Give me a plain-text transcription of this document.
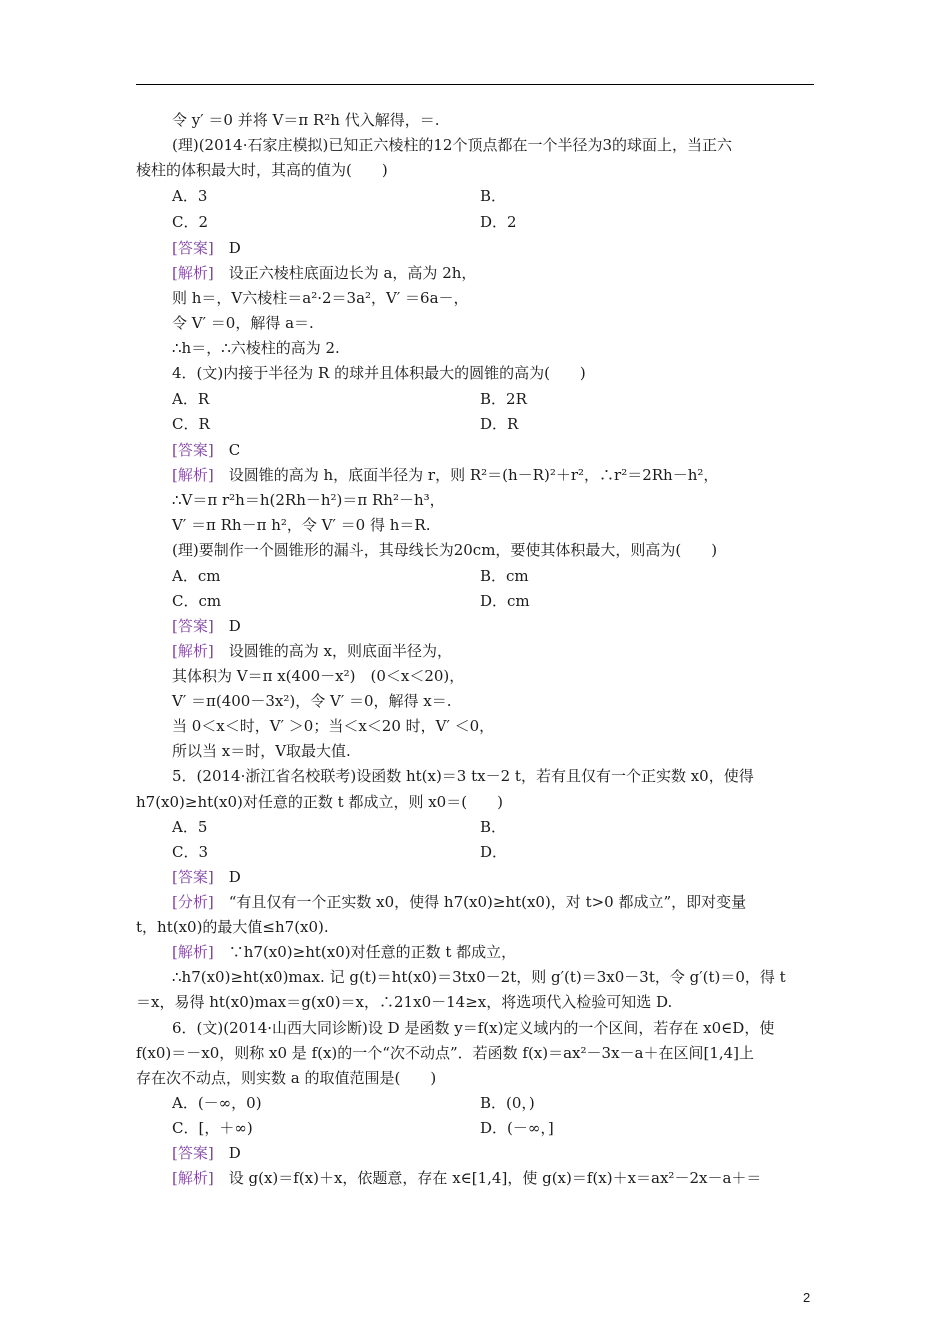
令 y′ ＝0 并将 V＝π R²h 代入解得，＝.
(理)(2014·石家庄模拟)已知正六棱柱的12个顶点都在一个半径为3的球面上，当正六
棱柱的体积最大时，其高的值为(　　)
A．3	B．
C．2	D．2
[答案]　D
[解析]　设正六棱柱底面边长为 a，高为 2h，
则 h＝，V六棱柱＝a²·2＝3a²，V′ ＝6a－，
令 V′ ＝0，解得 a＝.
∴h＝，∴六棱柱的高为 2.
4．(文)内接于半径为 R 的球并且体积最大的圆锥的高为(　　)
A．R	B．2R
C．R	D．R
[答案]　C
[解析]　设圆锥的高为 h，底面半径为 r，则 R²＝(h－R)²＋r²，∴r²＝2Rh－h²，
∴V＝π r²h＝h(2Rh－h²)＝π Rh²－h³，
V′ ＝π Rh－π h²，令 V′ ＝0 得 h＝R.
(理)要制作一个圆锥形的漏斗，其母线长为20cm，要使其体积最大，则高为(　　)
A．cm	B．cm
C．cm	D．cm
[答案]　D
[解析]　设圆锥的高为 x，则底面半径为，
其体积为 V＝π x(400－x²)　(0＜x＜20)，
V′ ＝π(400－3x²)，令 V′ ＝0，解得 x＝.
当 0＜x＜时，V′ ＞0；当＜x＜20 时，V′ ＜0，
所以当 x＝时，V取最大值.
5．(2014·浙江省名校联考)设函数 ht(x)＝3 tx－2 t，若有且仅有一个正实数 x0，使得
h7(x0)≥ht(x0)对任意的正数 t 都成立，则 x0＝(　　)
A．5	B．
C．3	D．
[答案]　D
[分析]　“有且仅有一个正实数 x0，使得 h7(x0)≥ht(x0)，对 t>0 都成立”，即对变量
t，ht(x0)的最大值≤h7(x0).
[解析]　∵h7(x0)≥ht(x0)对任意的正数 t 都成立，
∴h7(x0)≥ht(x0)max. 记 g(t)＝ht(x0)＝3tx0－2t，则 g′(t)＝3x0－3t，令 g′(t)＝0，得 t
＝x，易得 ht(x0)max＝g(x0)＝x，∴21x0－14≥x，将选项代入检验可知选 D.
6．(文)(2014·山西大同诊断)设 D 是函数 y＝f(x)定义域内的一个区间，若存在 x0∈D，使
f(x0)＝－x0，则称 x0 是 f(x)的一个“次不动点”．若函数 f(x)＝ax²－3x－a＋在区间[1,4]上
存在次不动点，则实数 a 的取值范围是(　　)
A．(－∞，0)	B．(0，)
C．[，＋∞)	D．(－∞，]
[答案]　D
[解析]　设 g(x)＝f(x)＋x，依题意，存在 x∈[1,4]，使 g(x)＝f(x)＋x＝ax²－2x－a＋＝
2
